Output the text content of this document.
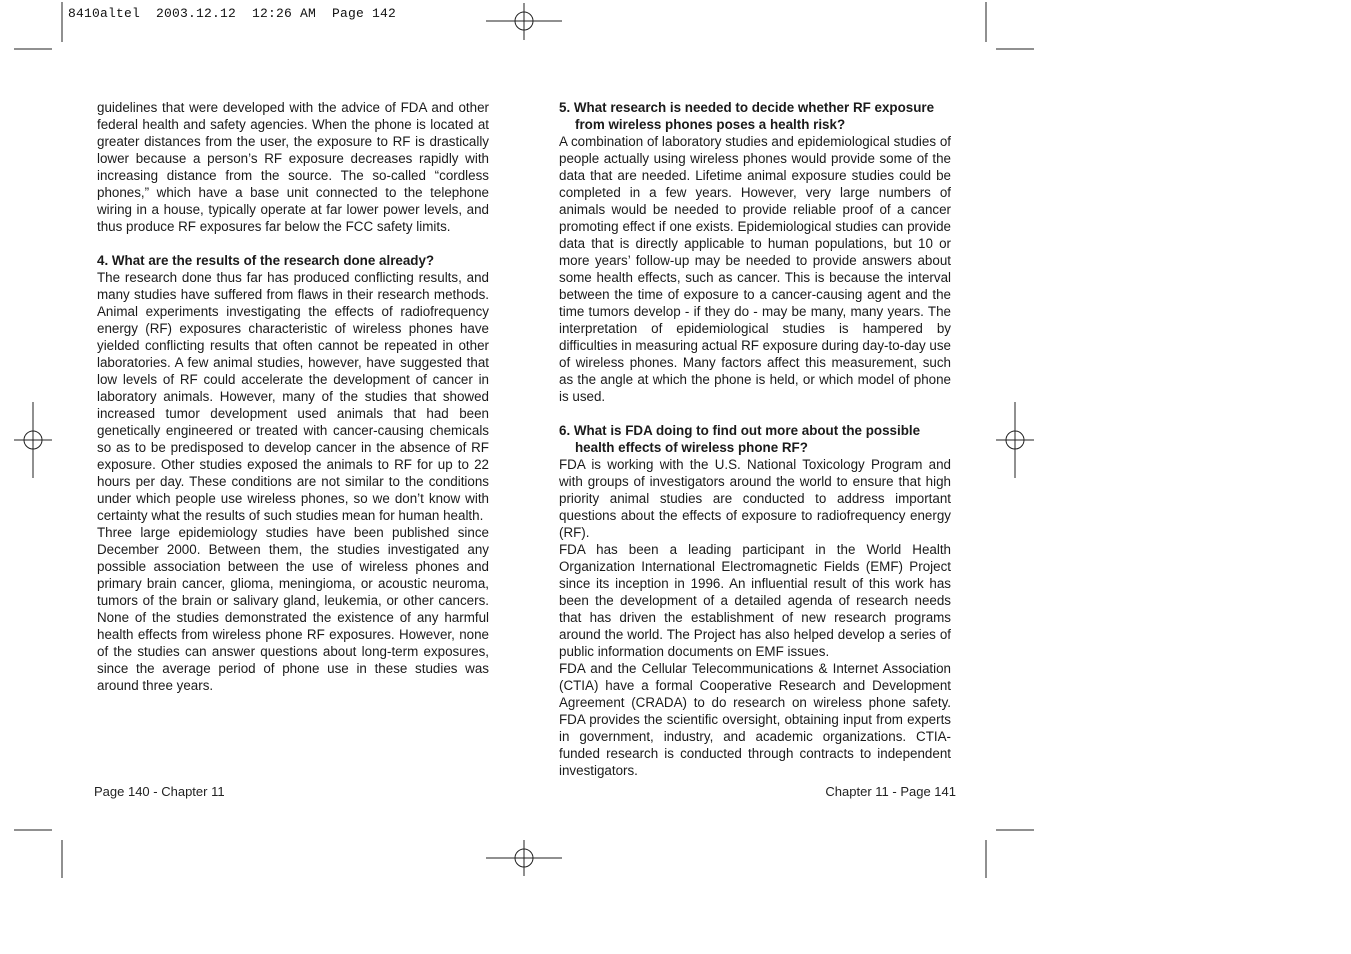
8410altel  2003.12.12  12:26 AM  Page 142

guidelines that were developed with the advice of FDA and other federal health and safety agencies. When the phone is located at greater distances from the user, the exposure to RF is drastically lower because a person’s RF exposure decreases rapidly with increasing distance from the source. The so-called “cordless phones,” which have a base unit connected to the telephone wiring in a house, typically operate at far lower power levels, and thus produce RF exposures far below the FCC safety limits.

4. What are the results of the research done already?

The research done thus far has produced conflicting results, and many studies have suffered from flaws in their research methods. Animal experiments investigating the effects of radiofrequency energy (RF) exposures characteristic of wireless phones have yielded conflicting results that often cannot be repeated in other laboratories. A few animal studies, however, have suggested that low levels of RF could accelerate the development of cancer in laboratory animals. However, many of the studies that showed increased tumor development used animals that had been genetically engineered or treated with cancer-causing chemicals so as to be predisposed to develop cancer in the absence of RF exposure. Other studies exposed the animals to RF for up to 22 hours per day. These conditions are not similar to the conditions under which people use wireless phones, so we don’t know with certainty what the results of such studies mean for human health.

Three large epidemiology studies have been published since December 2000. Between them, the studies investigated any possible association between the use of wireless phones and primary brain cancer, glioma, meningioma, or acoustic neuroma, tumors of the brain or salivary gland, leukemia, or other cancers. None of the studies demonstrated the existence of any harmful health effects from wireless phone RF exposures. However, none of the studies can answer questions about long-term exposures, since the average period of phone use in these studies was around three years.

5. What research is needed to decide whether RF exposure from wireless phones poses a health risk?

A combination of laboratory studies and epidemiological studies of people actually using wireless phones would provide some of the data that are needed. Lifetime animal exposure studies could be completed in a few years. However, very large numbers of animals would be needed to provide reliable proof of a cancer promoting effect if one exists. Epidemiological studies can provide data that is directly applicable to human populations, but 10 or more years’ follow-up may be needed to provide answers about some health effects, such as cancer. This is because the interval between the time of exposure to a cancer-causing agent and the time tumors develop - if they do - may be many, many years. The interpretation of epidemiological studies is hampered by difficulties in measuring actual RF exposure during day-to-day use of wireless phones. Many factors affect this measurement, such as the angle at which the phone is held, or which model of phone is used.

6. What is FDA doing to find out more about the possible health effects of wireless phone RF?

FDA is working with the U.S. National Toxicology Program and with groups of investigators around the world to ensure that high priority animal studies are conducted to address important questions about the effects of exposure to radiofrequency energy (RF).

FDA has been a leading participant in the World Health Organization International Electromagnetic Fields (EMF) Project since its inception in 1996. An influential result of this work has been the development of a detailed agenda of research needs that has driven the establishment of new research programs around the world. The Project has also helped develop a series of public information documents on EMF issues.

FDA and the Cellular Telecommunications & Internet Association (CTIA) have a formal Cooperative Research and Development Agreement (CRADA) to do research on wireless phone safety. FDA provides the scientific oversight, obtaining input from experts in government, industry, and academic organizations. CTIA-funded research is conducted through contracts to independent investigators.

Page 140 - Chapter 11	Chapter 11 - Page 141
